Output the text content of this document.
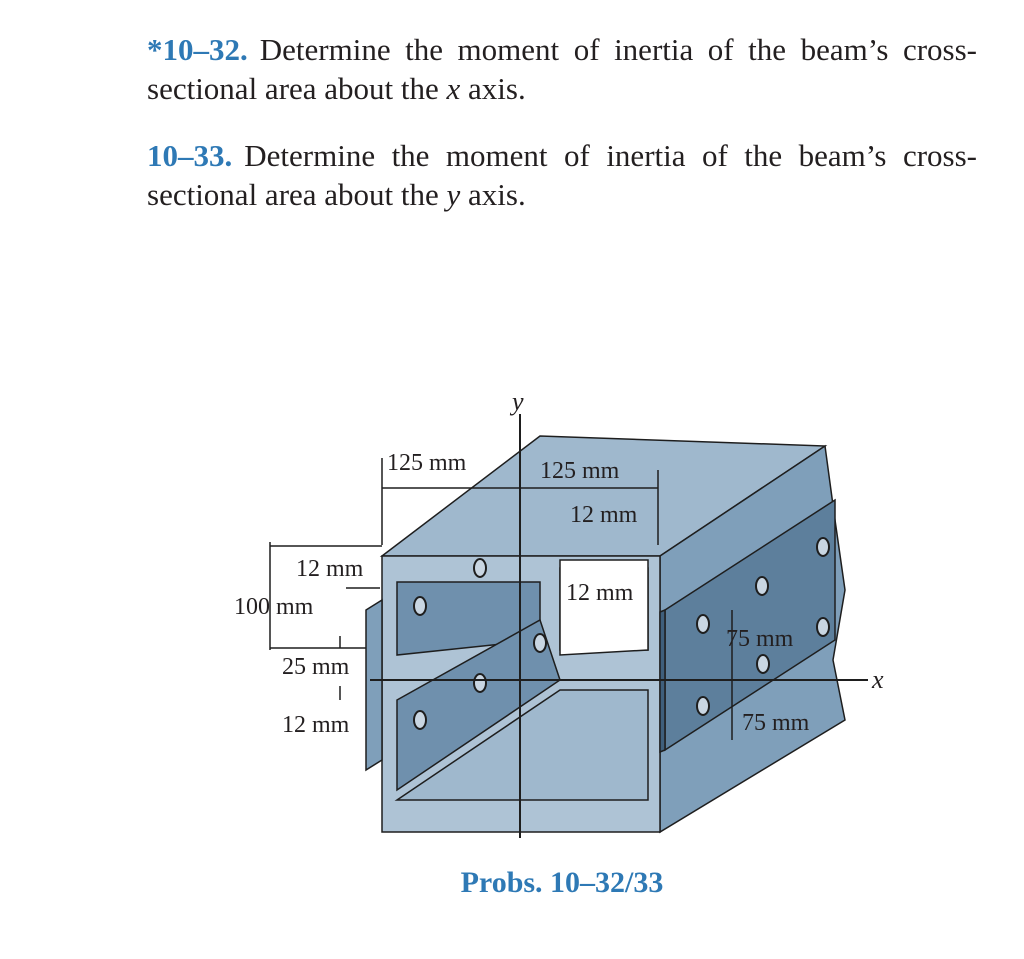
*10–32. Determine the moment of inertia of the beam’s cross-sectional area about the x axis.
10–33. Determine the moment of inertia of the beam’s cross-sectional area about the y axis.
y
x
125 mm	125 mm
12 mm
12 mm
12 mm
100 mm
25 mm
12 mm
75 mm
75 mm
Probs. 10–32/33
